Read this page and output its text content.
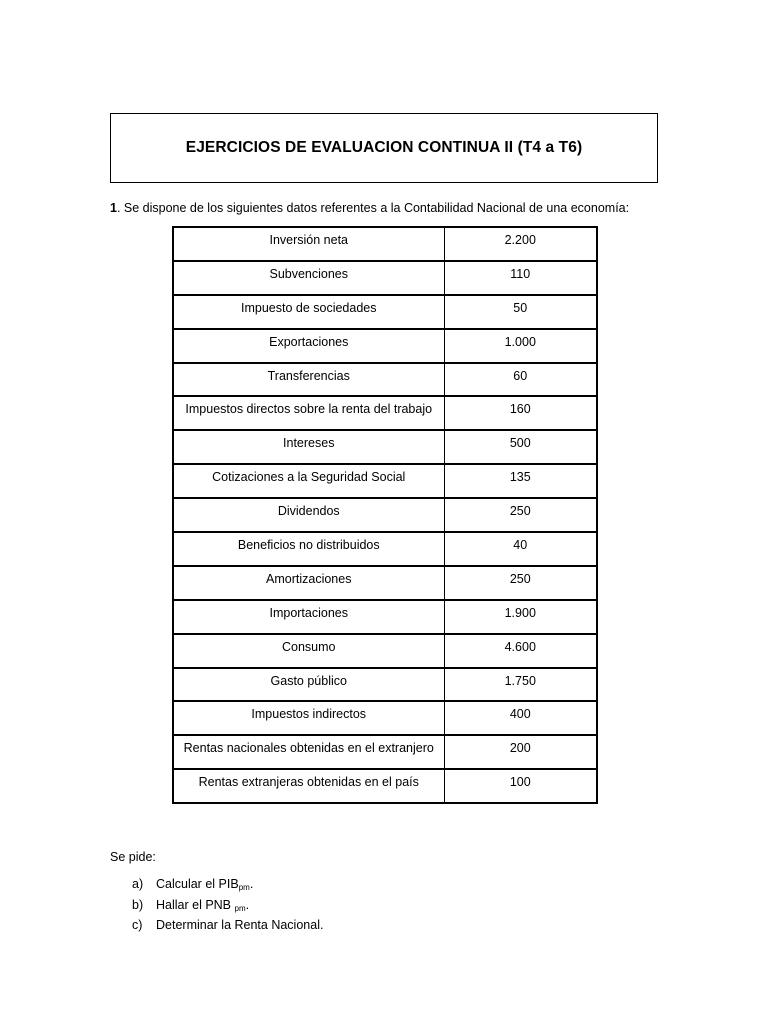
EJERCICIOS DE EVALUACION CONTINUA II (T4 a T6)

1. Se dispone de los siguientes datos referentes a la Contabilidad Nacional de una economía:

Inversión neta	2.200
Subvenciones	110
Impuesto de sociedades	50
Exportaciones	1.000
Transferencias	60
Impuestos directos sobre la renta del trabajo	160
Intereses	500
Cotizaciones a la Seguridad Social	135
Dividendos	250
Beneficios no distribuidos	40
Amortizaciones	250
Importaciones	1.900
Consumo	4.600
Gasto público	1.750
Impuestos indirectos	400
Rentas nacionales obtenidas en el extranjero	200
Rentas extranjeras obtenidas en el país	100

Se pide:

a)	Calcular el $PIB_{pm}$.
b)	Hallar el PNB $_{pm}$.
c)	Determinar la Renta Nacional.
